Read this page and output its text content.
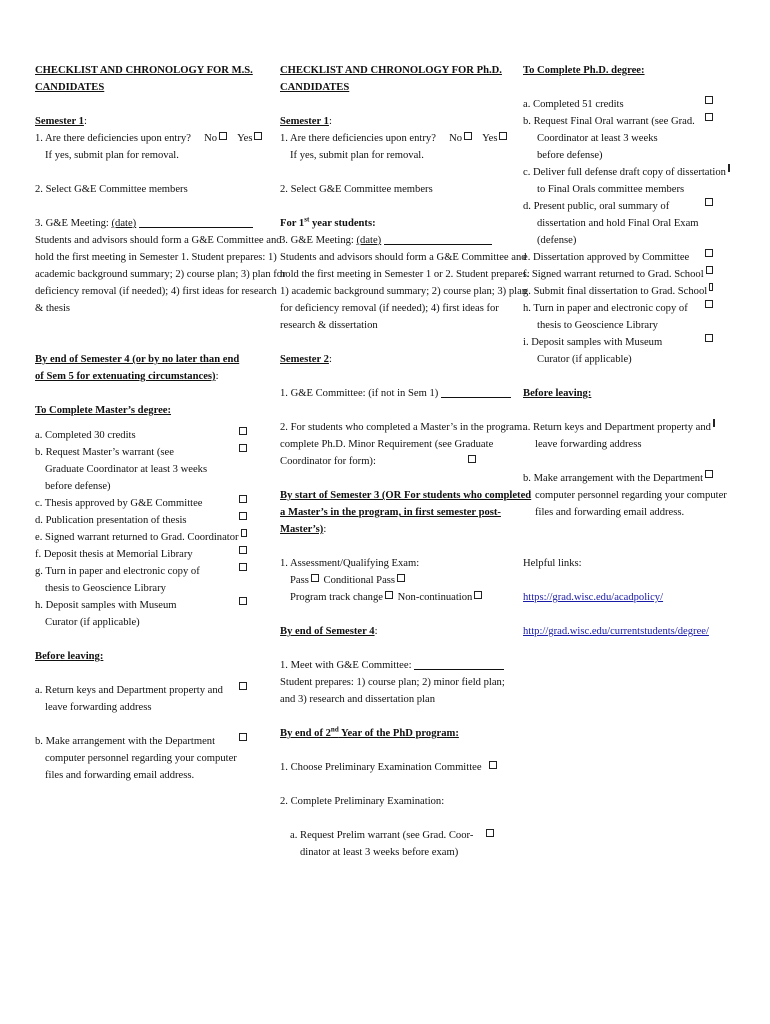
CHECKLIST AND CHRONOLOGY FOR M.S.
CANDIDATES
Semester 1:
1. Are there deficiencies upon entry? No Yes
If yes, submit plan for removal.
2. Select G&E Committee members
3. G&E Meeting: (date)
Students and advisors should form a G&E Committee and
hold the first meeting in Semester 1. Student prepares: 1)
academic background summary; 2) course plan; 3) plan for
deficiency removal (if needed); 4) first ideas for research
& thesis
By end of Semester 4 (or by no later than end
of Sem 5 for extenuating circumstances):
To Complete Master’s degree:
a. Completed 30 credits
b. Request Master’s warrant (see
Graduate Coordinator at least 3 weeks
before defense)
c. Thesis approved by G&E Committee
d. Publication presentation of thesis
e. Signed warrant returned to Grad. Coordinator
f. Deposit thesis at Memorial Library
g. Turn in paper and electronic copy of
thesis to Geoscience Library
h. Deposit samples with Museum
Curator (if applicable)
Before leaving:
a. Return keys and Department property and
leave forwarding address
b. Make arrangement with the Department
computer personnel regarding your computer
files and forwarding email address.
CHECKLIST AND CHRONOLOGY FOR Ph.D.
CANDIDATES
Semester 1:
1. Are there deficiencies upon entry? No Yes
If yes, submit plan for removal.
2. Select G&E Committee members
For 1st year students:
3. G&E Meeting: (date)
Students and advisors should form a G&E Committee and
hold the first meeting in Semester 1 or 2. Student prepares:
1) academic background summary; 2) course plan; 3) plan
for deficiency removal (if needed); 4) first ideas for
research & dissertation
Semester 2:
1. G&E Committee: (if not in Sem 1)
2. For students who completed a Master’s in the program:
complete Ph.D. Minor Requirement (see Graduate
Coordinator for form):
By start of Semester 3 (OR For students who completed
a Master’s in the program, in first semester post-
Master’s):
1. Assessment/Qualifying Exam:
Pass Conditional Pass
Program track change Non-continuation
By end of Semester 4:
1. Meet with G&E Committee:
Student prepares: 1) course plan; 2) minor field plan;
and 3) research and dissertation plan
By end of 2nd Year of the PhD program:
1. Choose Preliminary Examination Committee
2. Complete Preliminary Examination:
a. Request Prelim warrant (see Grad. Coor-
dinator at least 3 weeks before exam)
To Complete Ph.D. degree:
a. Completed 51 credits
b. Request Final Oral warrant (see Grad.
Coordinator at least 3 weeks
before defense)
c. Deliver full defense draft copy of dissertation
to Final Orals committee members
d. Present public, oral summary of
dissertation and hold Final Oral Exam
(defense)
e. Dissertation approved by Committee
f. Signed warrant returned to Grad. School
g. Submit final dissertation to Grad. School
h. Turn in paper and electronic copy of
thesis to Geoscience Library
i. Deposit samples with Museum
Curator (if applicable)
Before leaving:
a. Return keys and Department property and
leave forwarding address
b. Make arrangement with the Department
computer personnel regarding your computer
files and forwarding email address.
Helpful links:
https://grad.wisc.edu/acadpolicy/
http://grad.wisc.edu/currentstudents/degree/
